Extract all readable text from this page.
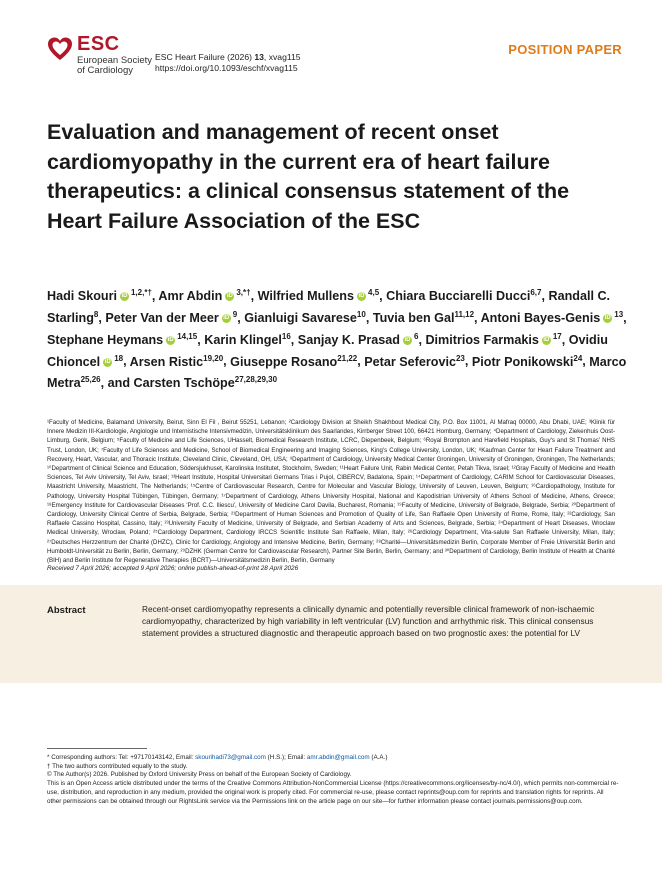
ESC
European Society
of Cardiology
ESC Heart Failure (2026) 13, xvag115
https://doi.org/10.1093/eschf/xvag115
POSITION PAPER
Evaluation and management of recent onset cardiomyopathy in the current era of heart failure therapeutics: a clinical consensus statement of the Heart Failure Association of the ESC
Hadi Skouri iD $^{1,2,*\dagger}$, Amr Abdin iD $^{3,*\dagger}$, Wilfried Mullens iD $^{4,5}$, Chiara Bucciarelli Ducci$^{6,7}$, Randall C. Starling$^8$, Peter Van der Meer iD $^9$, Gianluigi Savarese$^{10}$, Tuvia ben Gal$^{11,12}$, Antoni Bayes-Genis iD $^{13}$, Stephane Heymans iD $^{14,15}$, Karin Klingel$^{16}$, Sanjay K. Prasad iD $^6$, Dimitrios Farmakis iD $^{17}$, Ovidiu Chioncel iD $^{18}$, Arsen Ristic$^{19,20}$, Giuseppe Rosano$^{21,22}$, Petar Seferovic$^{23}$, Piotr Ponikowski$^{24}$, Marco Metra$^{25,26}$, and Carsten Tschöpe$^{27,28,29,30}$
¹Faculty of Medicine, Balamand University, Beirut, Sinn El Fil , Beirut 55251, Lebanon; ²Cardiology Division at Sheikh Shakhbout Medical City, P.O. Box 11001, Al Mafraq 00000, Abu Dhabi, UAE; ³Klinik für Innere Medizin III-Kardiologie, Angiologie und Internistische Intensivmedizin, Universitätsklinikum des Saarlandes, Kirrberger Street 100, 66421 Homburg, Germany; ⁴Department of Cardiology, Ziekenhuis Oost-Limburg, Genk, Belgium; ⁵Faculty of Medicine and Life Sciences, UHasselt, Biomedical Research Institute, LCRC, Diepenbeek, Belgium; ⁶Royal Brompton and Harefield Hospitals, Guy's and St Thomas' NHS Trust, London, UK; ⁷Faculty of Life Sciences and Medicine, School of Biomedical Engineering and Imaging Sciences, King's College University, London, UK; ⁸Kaufman Center for Heart Failure Treatment and Recovery, Heart, Vascular, and Thoracic Institute, Cleveland Clinic, Cleveland, OH, USA; ⁹Department of Cardiology, University Medical Center Groningen, University of Groningen, Groningen, The Netherlands; ¹⁰Department of Clinical Science and Education, Södersjukhuset, Karolinska Institutet, Stockholm, Sweden; ¹¹Heart Failure Unit, Rabin Medical Center, Petah Tikva, Israel; ¹²Gray Faculty of Medicine and Health Sciences, Tel Aviv University, Tel Aviv, Israel; ¹³Heart Institute, Hospital Universitari Germans Trias i Pujol, CIBERCV, Badalona, Spain; ¹⁴Department of Cardiology, CARIM School for Cardiovascular Diseases, Maastricht University, Maastricht, The Netherlands; ¹⁵Centre of Cardiovascular Research, Centre for Molecular and Vascular Biology, University of Leuven, Leuven, Belgium; ¹⁶Cardiopathology, Institute for Pathology, University Hospital Tübingen, Tübingen, Germany; ¹⁷Department of Cardiology, Athens University Hospital, National and Kapodistrian University of Athens School of Medicine, Athens, Greece; ¹⁸Emergency Institute for Cardiovascular Diseases 'Prof. C.C. Iliescu', University of Medicine Carol Davila, Bucharest, Romania; ¹⁹Faculty of Medicine, University of Belgrade, Belgrade, Serbia; ²⁰Department of Cardiology, University Clinical Centre of Serbia, Belgrade, Serbia; ²¹Department of Human Sciences and Promotion of Quality of Life, San Raffaele Open University of Rome, Rome, Italy; ²²Cardiology, San Raffaele Cassino Hospital, Cassino, Italy; ²³University Faculty of Medicine, University of Belgrade, and Serbian Academy of Arts and Sciences, Belgrade, Serbia; ²⁴Department of Heart Diseases, Wroclaw Medical University, Wroclaw, Poland; ²⁵Cardiology Department, Cardiology IRCCS Scientific Institute San Raffaele, Milan, Italy; ²⁶Cardiology Department, Vita-salute San Raffaele University, Milan, Italy; ²⁷Deutsches Herzzentrum der Charité (DHZC), Clinic for Cardiology, Angiology and Intensive Medicine, Berlin, Germany; ²⁸Charité—Universitätsmedizin Berlin, Corporate Member of Freie Universität Berlin and Humboldt-Universität zu Berlin, Berlin, Germany; ²⁹DZHK (German Centre for Cardiovascular Research), Partner Site Berlin, Berlin, Germany; and ³⁰Department of Cardiology, Berlin Institute of Health at Charité (BIH) and Berlin Institute for Regenerative Therapies (BCRT)—Universitätsmedizin Berlin, Berlin, Germany
Received 7 April 2026; accepted 9 April 2026; online publish-ahead-of-print 28 April 2026
Abstract	Recent-onset cardiomyopathy represents a clinically dynamic and potentially reversible clinical framework of non-ischaemic cardiomyopathy, characterized by high variability in left ventricular (LV) function and arrhythmic risk. This clinical consensus statement provides a structured diagnostic and therapeutic approach based on two prognostic axes: the potential for LV

* Corresponding authors: Tel: +97170143142, Email: skourihadi73@gmail.com (H.S.); Email: amr.abdin@gmail.com (A.A.)

† The two authors contributed equally to the study.

© The Author(s) 2026. Published by Oxford University Press on behalf of the European Society of Cardiology.

This is an Open Access article distributed under the terms of the Creative Commons Attribution-NonCommercial License (https://creativecommons.org/licenses/by-nc/4.0/), which permits non-commercial re-use, distribution, and reproduction in any medium, provided the original work is properly cited. For commercial re-use, please contact reprints@oup.com for reprints and translation rights for reprints. All other permissions can be obtained through our RightsLink service via the Permissions link on the article page on our site—for further information please contact journals.permissions@oup.com.
